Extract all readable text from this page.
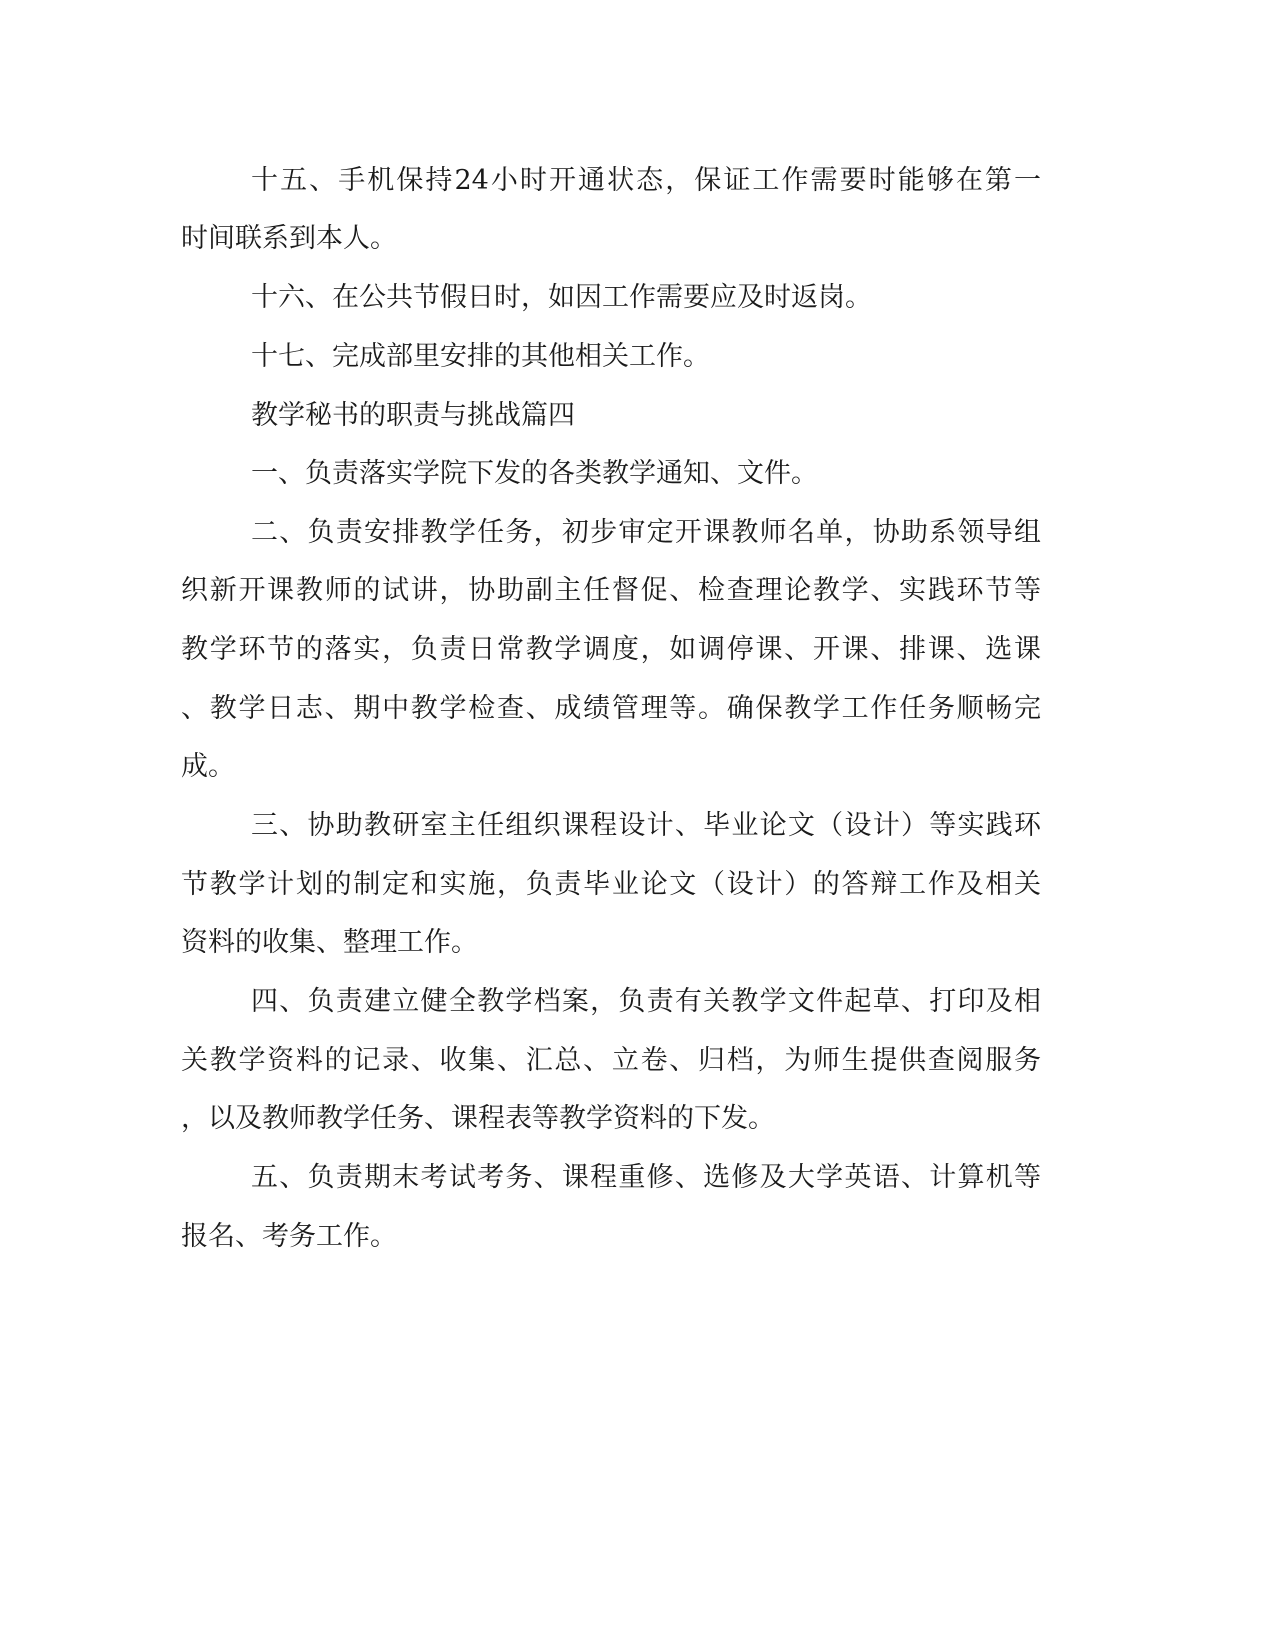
十五、手机保持24小时开通状态，保证工作需要时能够在第一
时间联系到本人。
十六、在公共节假日时，如因工作需要应及时返岗。
十七、完成部里安排的其他相关工作。
教学秘书的职责与挑战篇四
一、负责落实学院下发的各类教学通知、文件。
二、负责安排教学任务，初步审定开课教师名单，协助系领导组
织新开课教师的试讲，协助副主任督促、检查理论教学、实践环节等
教学环节的落实，负责日常教学调度，如调停课、开课、排课、选课
、教学日志、期中教学检查、成绩管理等。确保教学工作任务顺畅完
成。
三、协助教研室主任组织课程设计、毕业论文（设计）等实践环
节教学计划的制定和实施，负责毕业论文（设计）的答辩工作及相关
资料的收集、整理工作。
四、负责建立健全教学档案，负责有关教学文件起草、打印及相
关教学资料的记录、收集、汇总、立卷、归档，为师生提供查阅服务
，以及教师教学任务、课程表等教学资料的下发。
五、负责期末考试考务、课程重修、选修及大学英语、计算机等
报名、考务工作。
